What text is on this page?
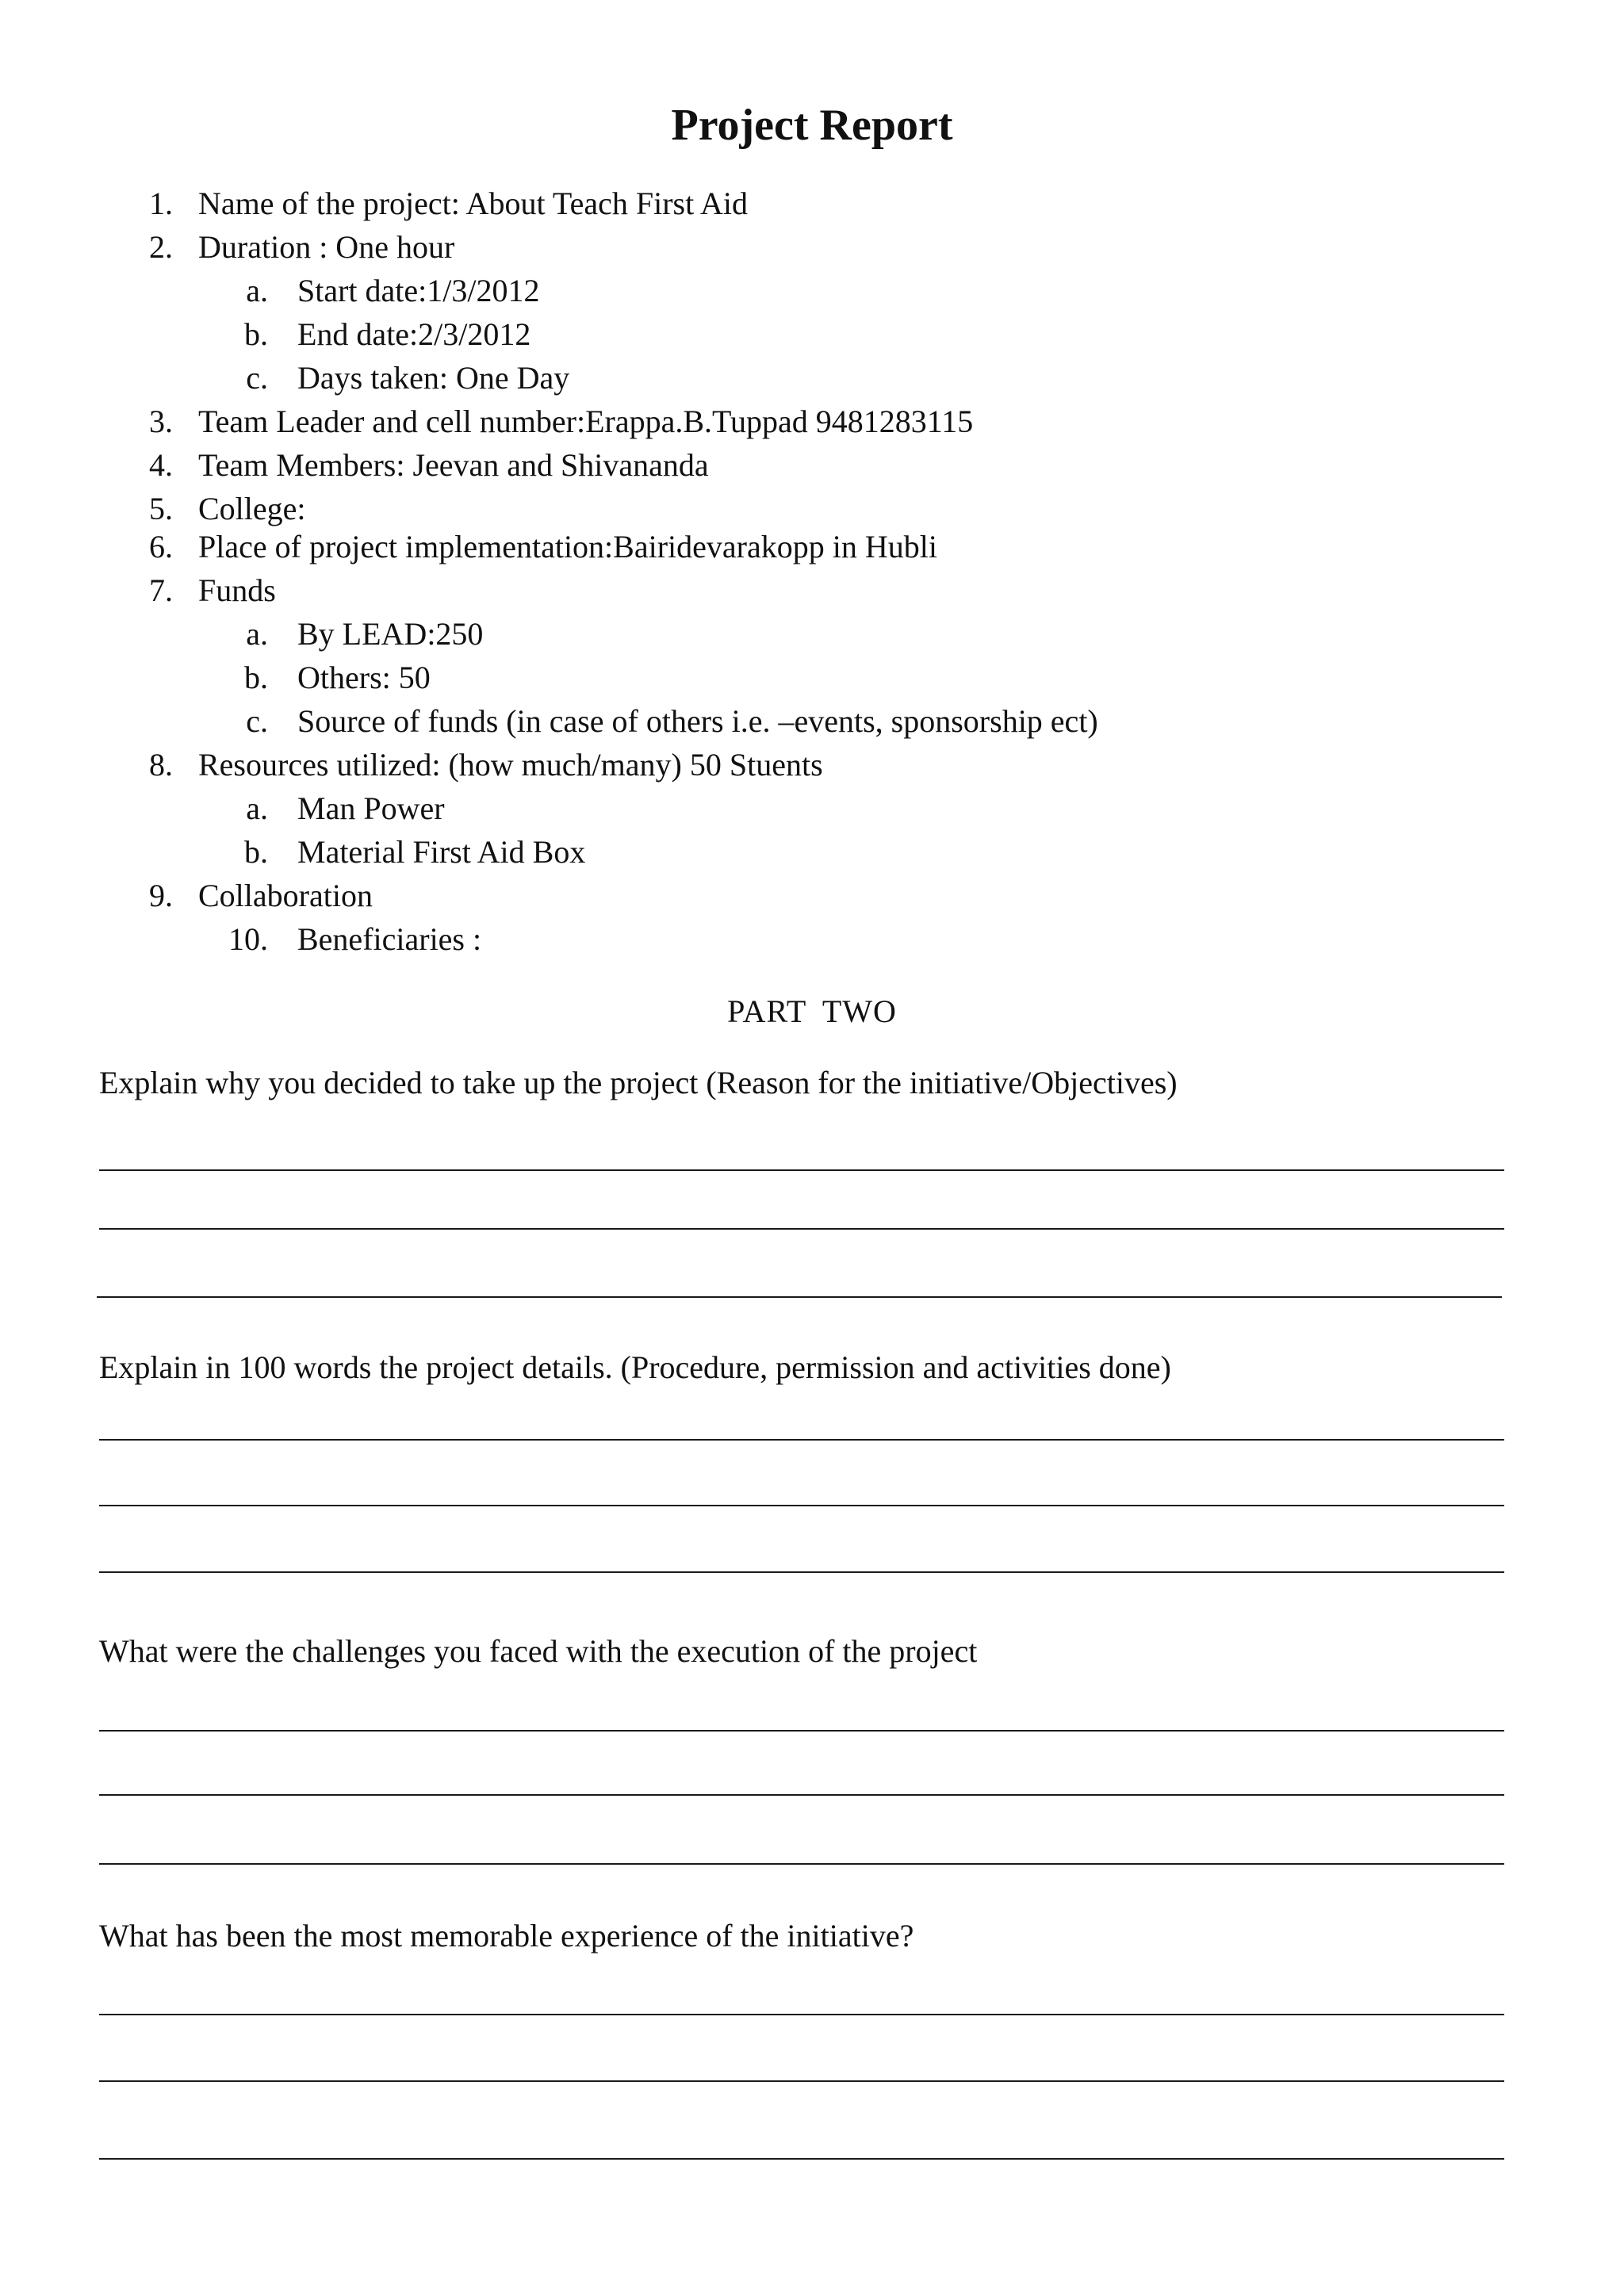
Project Report
1. Name of the project: About Teach First Aid
2. Duration : One hour
a. Start date:1/3/2012
b. End date:2/3/2012
c. Days taken: One Day
3. Team Leader and cell number:Erappa.B.Tuppad 9481283115
4. Team Members: Jeevan and Shivananda
5. College:
6. Place of project implementation:Bairidevarakopp in Hubli
7. Funds
a. By LEAD:250
b. Others: 50
c. Source of funds (in case of others i.e. –events, sponsorship ect)
8. Resources utilized: (how much/many) 50 Stuents
a. Man Power
b. Material First Aid Box
9. Collaboration
10. Beneficiaries :
PART TWO
Explain why you decided to take up the project (Reason for the initiative/Objectives)
Explain in 100 words the project details. (Procedure, permission and activities done)
What were the challenges you faced with the execution of the project
What has been the most memorable experience of the initiative?
